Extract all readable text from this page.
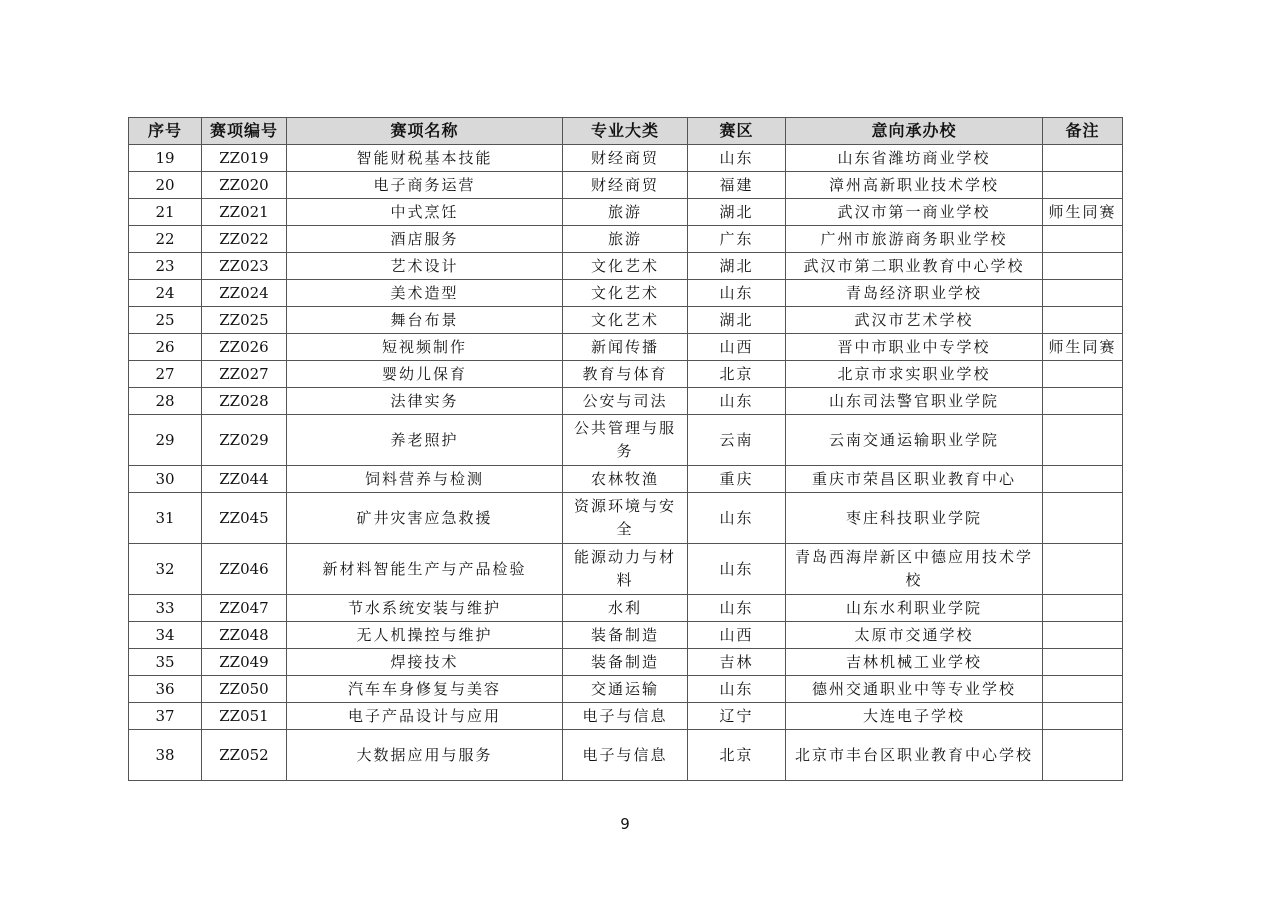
序号	赛项编号	赛项名称	专业大类	赛区	意向承办校	备注
19	ZZ019	智能财税基本技能	财经商贸	山东	山东省潍坊商业学校	
20	ZZ020	电子商务运营	财经商贸	福建	漳州高新职业技术学校	
21	ZZ021	中式烹饪	旅游	湖北	武汉市第一商业学校	师生同赛
22	ZZ022	酒店服务	旅游	广东	广州市旅游商务职业学校	
23	ZZ023	艺术设计	文化艺术	湖北	武汉市第二职业教育中心学校	
24	ZZ024	美术造型	文化艺术	山东	青岛经济职业学校	
25	ZZ025	舞台布景	文化艺术	湖北	武汉市艺术学校	
26	ZZ026	短视频制作	新闻传播	山西	晋中市职业中专学校	师生同赛
27	ZZ027	婴幼儿保育	教育与体育	北京	北京市求实职业学校	
28	ZZ028	法律实务	公安与司法	山东	山东司法警官职业学院	
29	ZZ029	养老照护	公共管理与服务	云南	云南交通运输职业学院	
30	ZZ044	饲料营养与检测	农林牧渔	重庆	重庆市荣昌区职业教育中心	
31	ZZ045	矿井灾害应急救援	资源环境与安全	山东	枣庄科技职业学院	
32	ZZ046	新材料智能生产与产品检验	能源动力与材料	山东	青岛西海岸新区中德应用技术学校	
33	ZZ047	节水系统安装与维护	水利	山东	山东水利职业学院	
34	ZZ048	无人机操控与维护	装备制造	山西	太原市交通学校	
35	ZZ049	焊接技术	装备制造	吉林	吉林机械工业学校	
36	ZZ050	汽车车身修复与美容	交通运输	山东	德州交通职业中等专业学校	
37	ZZ051	电子产品设计与应用	电子与信息	辽宁	大连电子学校	
38	ZZ052	大数据应用与服务	电子与信息	北京	北京市丰台区职业教育中心学校	
9
